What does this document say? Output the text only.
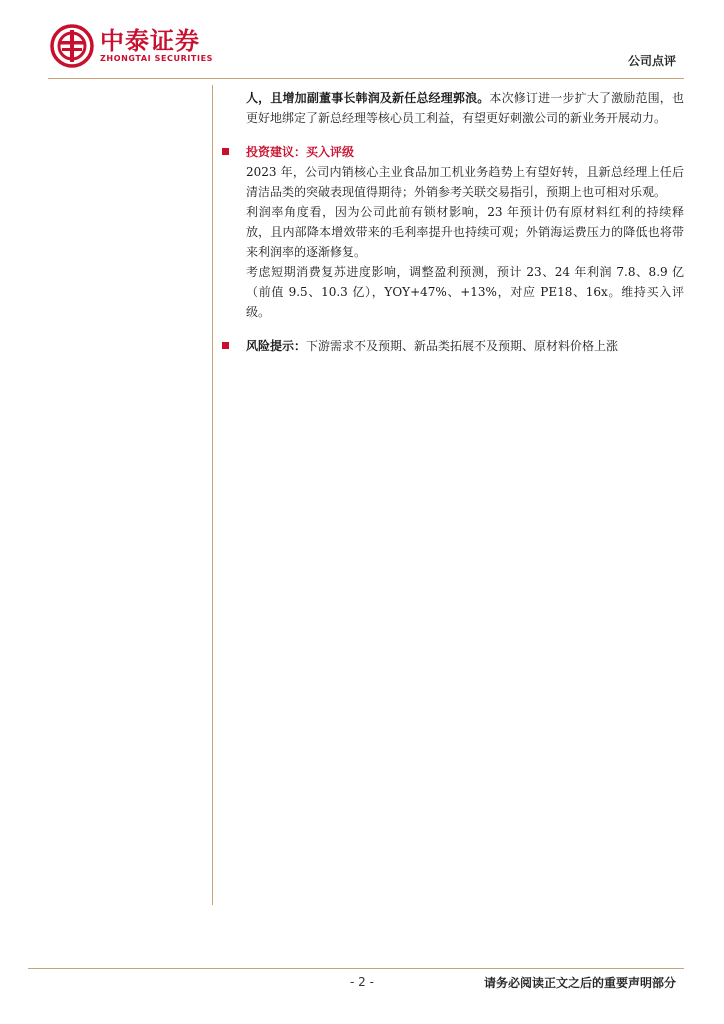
中泰证券
ZHONGTAI SECURITIES	公司点评

人，且增加副董事长韩润及新任总经理郭浪。本次修订进一步扩大了激励范围，也更好地绑定了新总经理等核心员工利益，有望更好刺激公司的新业务开展动力。

投资建议：买入评级

2023 年，公司内销核心主业食品加工机业务趋势上有望好转，且新总经理上任后清洁品类的突破表现值得期待；外销参考关联交易指引，预期上也可相对乐观。

利润率角度看，因为公司此前有锁材影响，23 年预计仍有原材料红利的持续释放，且内部降本增效带来的毛利率提升也持续可观；外销海运费压力的降低也将带来利润率的逐渐修复。

考虑短期消费复苏进度影响，调整盈利预测，预计 23、24 年利润 7.8、8.9 亿（前值 9.5、10.3 亿），YOY+47%、+13%，对应 PE18、16x。维持买入评级。

风险提示：下游需求不及预期、新品类拓展不及预期、原材料价格上涨
- 2 -	请务必阅读正文之后的重要声明部分
